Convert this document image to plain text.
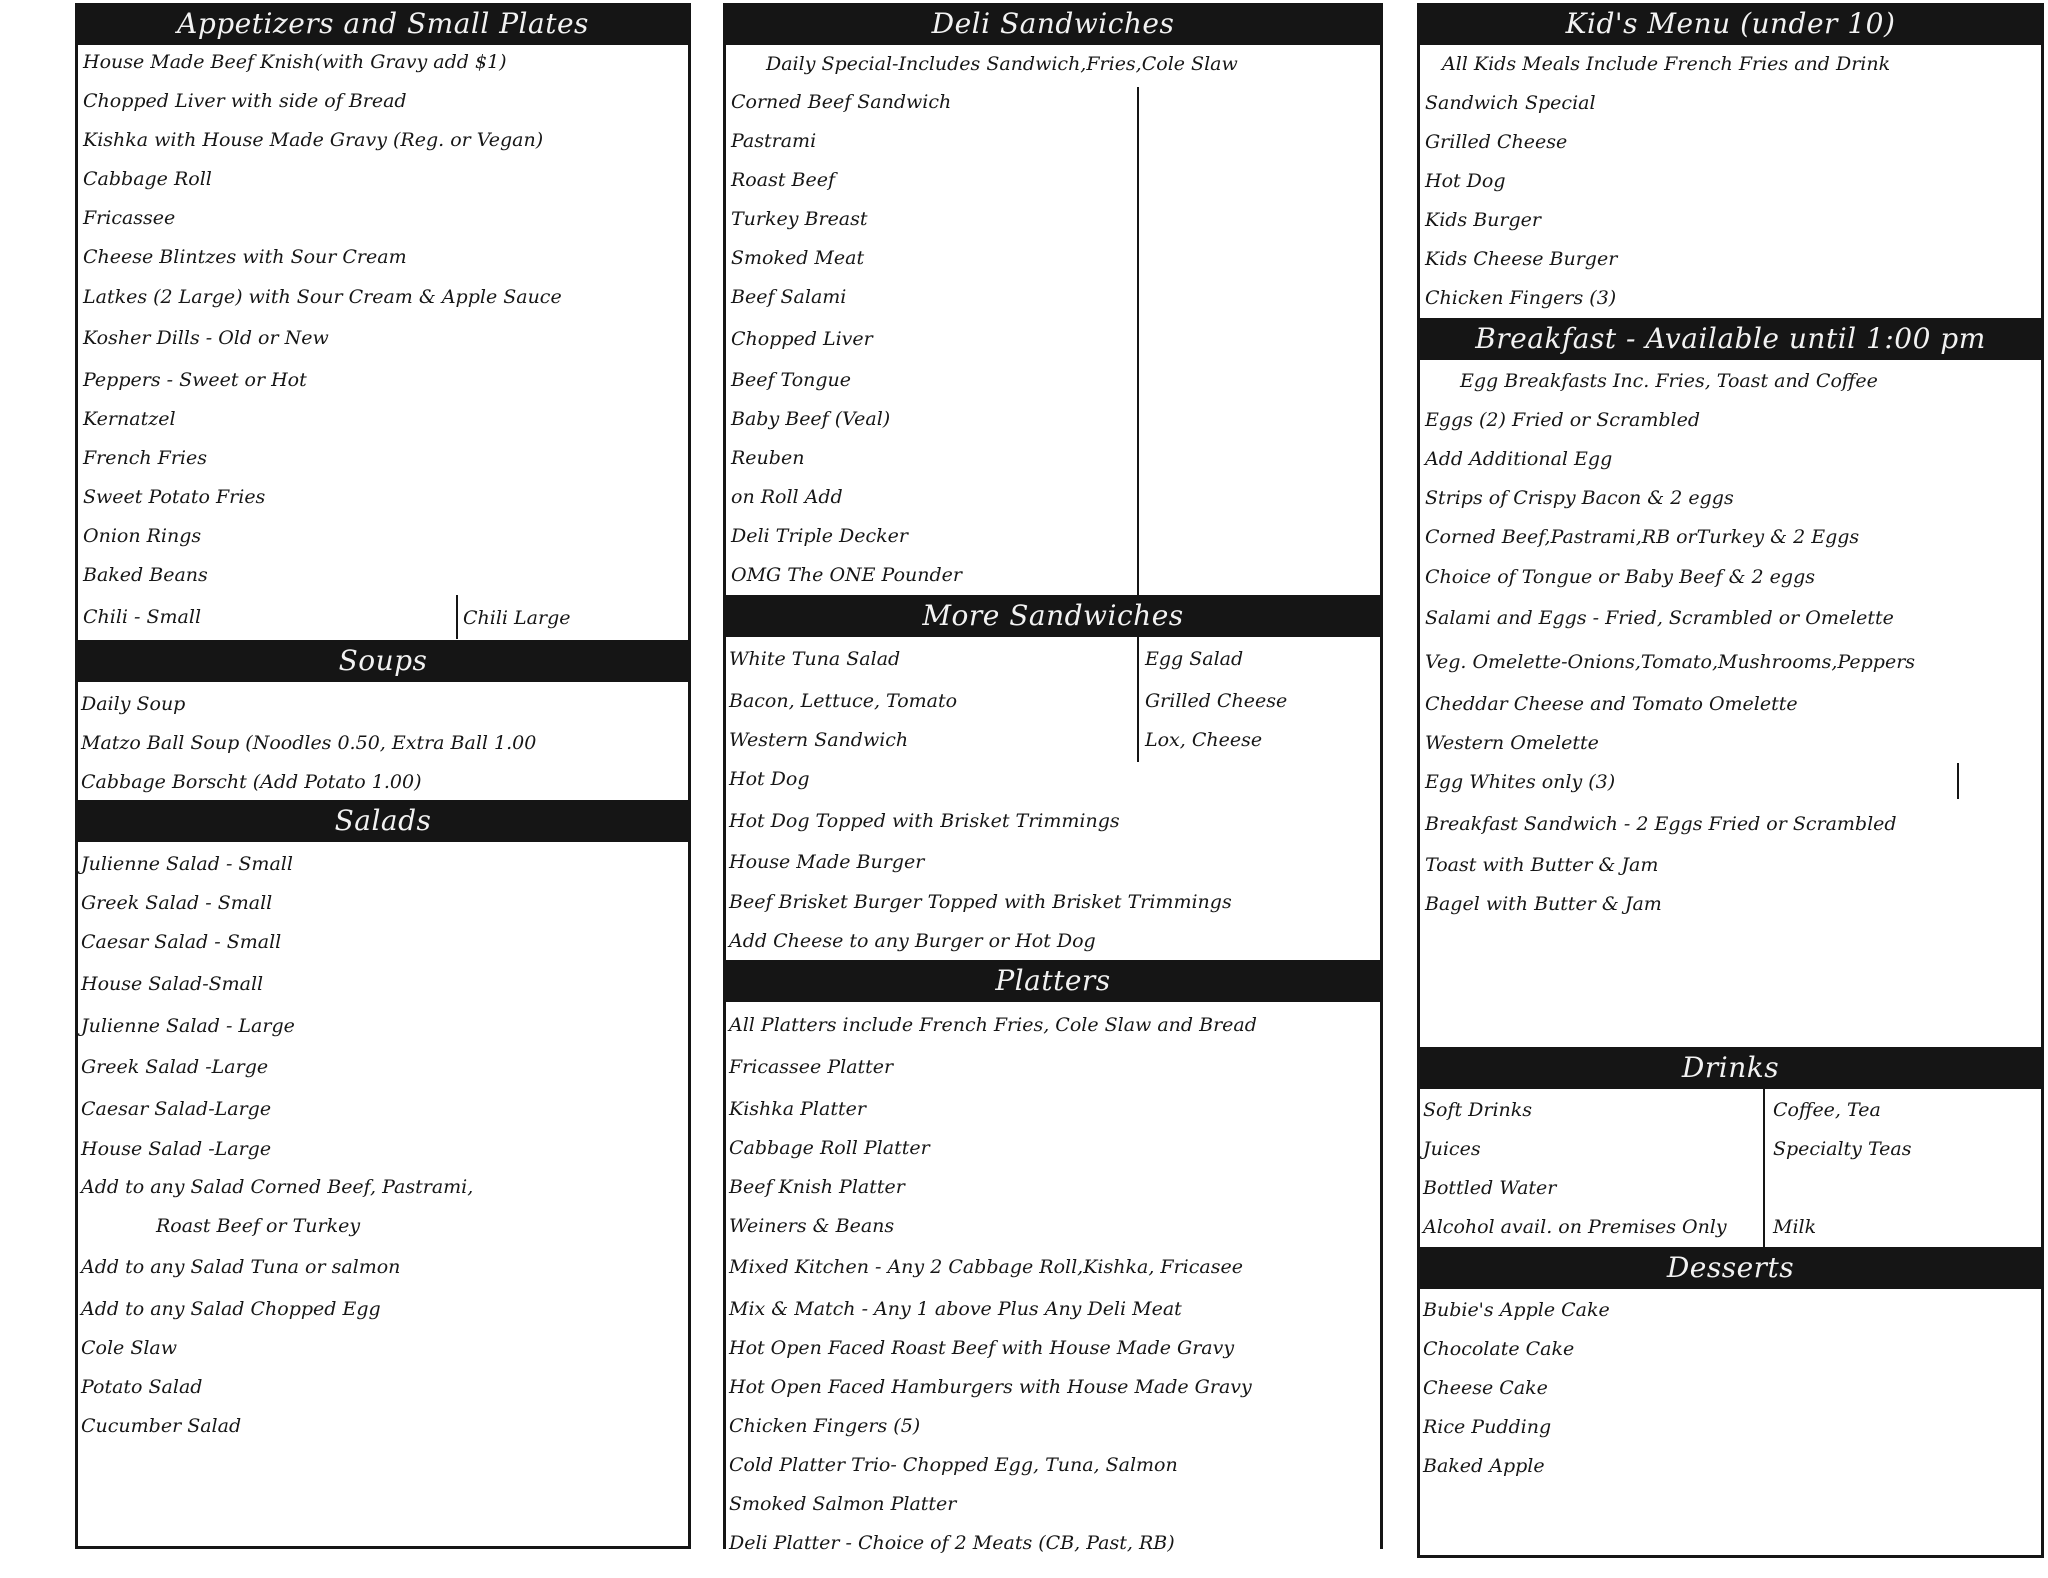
Appetizers and Small Plates
House Made Beef Knish(with Gravy add $1)
Chopped Liver with side of Bread
Kishka with House Made Gravy (Reg. or Vegan)
Cabbage Roll
Fricassee
Cheese Blintzes with Sour Cream
Latkes (2 Large) with Sour Cream & Apple Sauce
Kosher Dills - Old or New
Peppers - Sweet or Hot
Kernatzel
French Fries
Sweet Potato Fries
Onion Rings
Baked Beans
Chili - Small	Chili Large
Soups
Daily Soup
Matzo Ball Soup (Noodles 0.50, Extra Ball 1.00
Cabbage Borscht (Add Potato 1.00)
Salads
Julienne Salad - Small
Greek Salad - Small
Caesar Salad - Small
House Salad-Small
Julienne Salad - Large
Greek Salad -Large
Caesar Salad-Large
House Salad -Large
Add to any Salad Corned Beef, Pastrami,
Roast Beef or Turkey
Add to any Salad Tuna or salmon
Add to any Salad Chopped Egg
Cole Slaw
Potato Salad
Cucumber Salad
Deli Sandwiches
Daily Special-Includes Sandwich,Fries,Cole Slaw
Corned Beef Sandwich
Pastrami
Roast Beef
Turkey Breast
Smoked Meat
Beef Salami
Chopped Liver
Beef Tongue
Baby Beef (Veal)
Reuben
on Roll Add
Deli Triple Decker
OMG The ONE Pounder
More Sandwiches
White Tuna Salad
Bacon, Lettuce, Tomato
Western Sandwich
Hot Dog
Hot Dog Topped with Brisket Trimmings
House Made Burger
Beef Brisket Burger Topped with Brisket Trimmings
Add Cheese to any Burger or Hot Dog
Egg Salad
Grilled Cheese
Lox, Cheese
Platters
All Platters include French Fries, Cole Slaw and Bread
Fricassee Platter
Kishka Platter
Cabbage Roll Platter
Beef Knish Platter
Weiners & Beans
Mixed Kitchen - Any 2 Cabbage Roll,Kishka, Fricasee
Mix & Match - Any 1 above Plus Any Deli Meat
Hot Open Faced Roast Beef with House Made Gravy
Hot Open Faced Hamburgers with House Made Gravy
Chicken Fingers (5)
Cold Platter Trio- Chopped Egg, Tuna, Salmon
Smoked Salmon Platter
Deli Platter - Choice of 2 Meats (CB, Past, RB)
Kid's Menu (under 10)
All Kids Meals Include French Fries and Drink
Sandwich Special
Grilled Cheese
Hot Dog
Kids Burger
Kids Cheese Burger
Chicken Fingers (3)
Breakfast - Available until 1:00 pm
Egg Breakfasts Inc. Fries, Toast and Coffee
Eggs (2) Fried or Scrambled
Add Additional Egg
Strips of Crispy Bacon & 2 eggs
Corned Beef,Pastrami,RB orTurkey & 2 Eggs
Choice of Tongue or Baby Beef & 2 eggs
Salami and Eggs - Fried, Scrambled or Omelette
Veg. Omelette-Onions,Tomato,Mushrooms,Peppers
Cheddar Cheese and Tomato Omelette
Western Omelette
Egg Whites only (3)
Breakfast Sandwich - 2 Eggs Fried or Scrambled
Toast with Butter & Jam
Bagel with Butter & Jam
Drinks
Soft Drinks
Juices
Bottled Water
Alcohol avail. on Premises Only
Coffee, Tea
Specialty Teas
Milk
Desserts
Bubie's Apple Cake
Chocolate Cake
Cheese Cake
Rice Pudding
Baked Apple
